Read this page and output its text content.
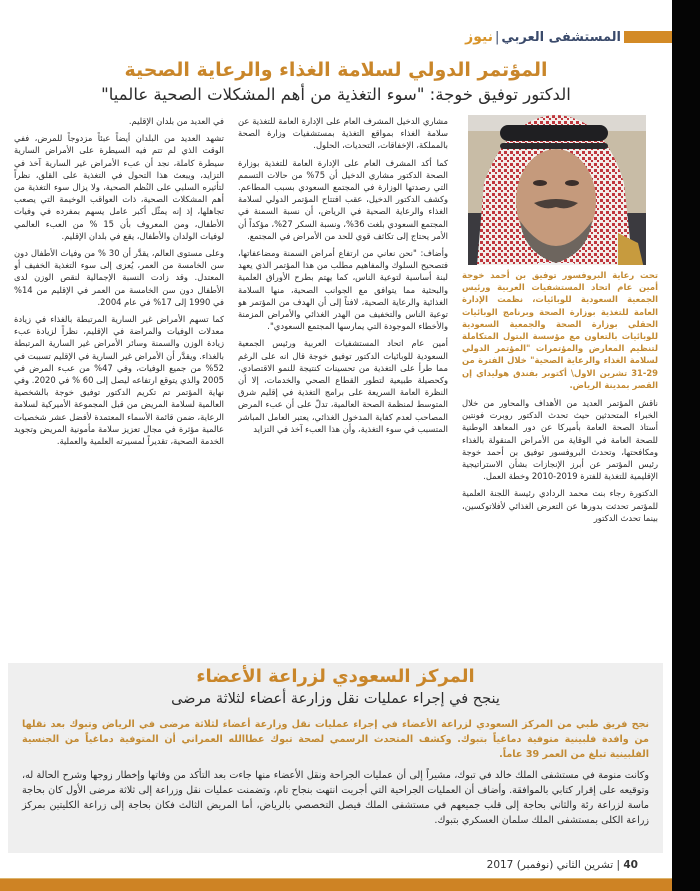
المستشفى العربي
|
نيوز
المؤتمر الدولي لسلامة الغذاء والرعاية الصحية
الدكتور توفيق خوجة: "سوء التغذية من أهم المشكلات الصحية عالميا"
تحت رعاية البروفسور توفيق بن أحمد خوجة أمين عام اتحاد المستشفيات العربية ورئيس الجمعية السعودية للوبائيات، نظمت الإدارة العامة للتغذية بوزارة الصحة وبرنامج الوبائيات الحقلي بوزارة الصحة والجمعية السعودية للوبائيات بالتعاون مع مؤسسة البتول المتكاملة لتنظيم المعارض والمؤتمرات "المؤتمر الدولي لسلامة الغذاء والرعاية الصحية" خلال الفترة من 29-31 تشرين الاول\ أكتوبر بفندق هوليداي إن القصر بمدينة الرياض.

ناقش المؤتمر العديد من الأهداف والمحاور من خلال الخبراء المتحدثين حيث تحدث الدكتور روبرت فونتين أستاذ الصحة العامة بأميركا عن دور المعاهد الوطنية للصحة العامة في الوقاية من الأمراض المنقولة بالغذاء ومكافحتها، وتحدث البروفسور توفيق بن أحمد خوجة رئيس المؤتمر عن أبرز الإنجازات بشأن الاستراتيجية الإقليمية للتغذية للفترة 2019-2010 وخطة العمل.

الدكتورة رجاء بنت محمد الردادي رئيسة اللجنة العلمية للمؤتمر تحدثت بدورها عن التعرض الغذائي لأفلاتوكسين، بينما تحدث الدكتور

مشاري الدخيل المشرف العام على الإدارة العامة للتغذية عن سلامة الغذاء بمواقع التغذية بمستشفيات وزارة الصحة بالمملكة، الإخفاقات، التحديات، الحلول.

كما أكد المشرف العام على الإدارة العامة للتغذية بوزارة الصحة الدكتور مشاري الدخيل أن 75% من حالات التسمم التي رصدتها الوزارة في المجتمع السعودي بسبب المطاعم. وكشف الدكتور الدخيل، عقب افتتاح المؤتمر الدولي لسلامة الغذاء والرعاية الصحية في الرياض، أن نسبة السمنة في المجتمع السعودي بلغت 36%، ونسبة السكر 27%، مؤكداً أن الأمر يحتاج إلى تكاثف قوي للحد من الأمراض في المجتمع.

وأضاف: "نحن نعاني من ارتفاع أمراض السمنة ومضاعفاتها، فتصحيح السلوك والمفاهيم مطلب من هذا المؤتمر الذي يعهد لبنة أساسية لتوعية الناس، كما يهتم بطرح الأوراق العلمية والبحثية مما يتوافق مع الجوانب الصحية، منها السلامة الغذائية والرعاية الصحية، لافتاً إلى أن الهدف من المؤتمر هو توعية الناس والتخفيف من الهدر الغذائي والأمراض المزمنة والأخطاء الموجودة التي يمارسها المجتمع السعودي".

أمين عام اتحاد المستشفيات العربية ورئيس الجمعية السعودية للوبائيات الدكتور توفيق خوجة قال انه على الرغم مما طرأ على التغذية من تحسينات كنتيجة للنمو الاقتصادي، وكحصيلة طبيعية لتطور القطاع الصحي والخدمات، إلا أن النظرة العامة السريعة على برامج التغذية في إقليم شرق المتوسط لمنظمة الصحة العالمية، تدلّ على أن عبء المرض المصاحب لعدم كفاية المدخول الغذائي، يعتبر العامل المباشر المتسبب في سوء التغذية، وأن هذا العبء آخذ في التزايد

في العديد من بلدان الإقليم.

تشهد العديد من البلدان أيضاً عبئاً مزدوجاً للمرض، ففي الوقت الذي لم تتم فيه السيطرة على الأمراض السارية سيطرة كاملة، نجد أن عبء الأمراض غير السارية آخذ في التزايد، ويبعث هذا التحول في التغذية على القلق، نظراً لتأثيره السلبي على النُظم الصحية، ولا يزال سوء التغذية من أهم المشكلات الصحية، ذات العواقب الوخيمة التي يصعب تجاهلها، إذ إنه يمثّل أكبر عامل يسهم بمفرده في وفيات الأطفال، ومن المعروف بأن 15 % من العبء العالمي لوفيات الولدان والأطفال، يقع في بلدان الإقليم.

وعلى مستوى العالم، يقدَّر أن 30 % من وفيات الأطفال دون سن الخامسة من العمر، يُعزى إلى سوء التغذية الخفيف أو المعتدل. وقد زادت النسبة الإجمالية لنقص الوزن لدى الأطفال دون سن الخامسة من العمر في الإقليم من 14% في 1990 إلى 17% في عام 2004.

كما تسهم الأمراض غير السارية المرتبطة بالغذاء في زيادة معدلات الوفيات والمراضة في الإقليم، نظراً لزيادة عبء زيادة الوزن والسمنة وسائر الأمراض غير السارية المرتبطة بالغذاء. ويقدَّر أن الأمراض غير السارية في الإقليم تسببت في 52% من جميع الوفيات، وفي 47% من عبء المرض في 2005 والذي يتوقع ارتفاعه ليصل إلى 60 % في 2020. وفي نهاية المؤتمر تم تكريم الدكتور توفيق خوجة بالشخصية العالمية لسلامة المريض من قبل المجموعة الأميركية لسلامة الرعاية، ضمن قائمة الأسماء المعتمدة لأفضل عشر شخصيات عالمية مؤثرة في مجال تعزيز سلامة مأمونية المريض وتجويد الخدمة الصحية، تقديراً لمسيرته العلمية والعملية.

المركز السعودي لزراعة الأعضاء
ينجح في إجراء عمليات نقل وزارعة أعضاء لثلاثة مرضى

نجح فريق طبي من المركز السعودي لزراعة الأعضاء في إجراء عمليات نقل وزارعة أعضاء لثلاثة مرضى في الرياض وتبوك بعد نقلها من وافدة فلبينية متوفية دماغياً بتبوك. وكشف المتحدث الرسمي لصحة تبوك عطاالله العمراني أن المتوفية دماغياً من الجنسية الفلبينية تبلغ من العمر 39 عاماً.

وكانت منومة في مستشفى الملك خالد في تبوك، مشيراً إلى أن عمليات الجراحة ونقل الأعضاء منها جاءت بعد التأكد من وفاتها وإخطار زوجها وشرح الحالة له، وتوقيعه على إقرار كتابي بالموافقة. وأضاف أن العمليات الجراحية التي أجريت انتهت بنجاح تام، وتضمنت عمليات نقل وزراعة إلى ثلاثة مرضى الأول كان بحاجة ماسة لزراعة رئة والثاني بحاجة إلى قلب جميعهم في مستشفى الملك فيصل التخصصي بالرياض، أما المريض الثالث فكان بحاجة إلى زراعة الكليتين بمركز زراعة الكلى بمستشفى الملك سلمان العسكري بتبوك.

40 | تشرين الثاني (نوفمبر) 2017
